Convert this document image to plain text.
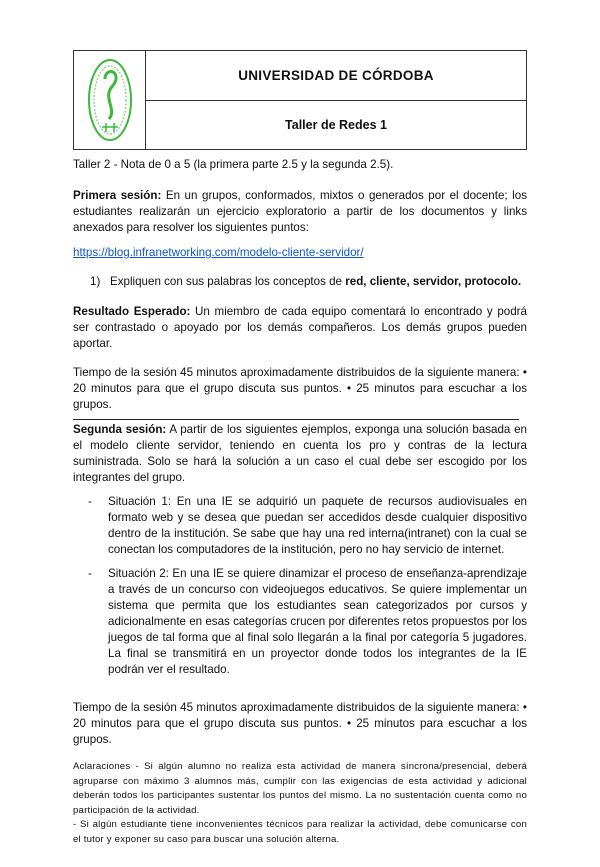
UNIVERSIDAD DE CÓRDOBA
Taller de Redes 1
Taller 2 - Nota de 0 a 5 (la primera parte 2.5 y la segunda 2.5).
Primera sesión: En un grupos, conformados, mixtos o generados por el docente; los estudiantes realizarán un ejercicio exploratorio a partir de los documentos y links anexados para resolver los siguientes puntos:
https://blog.infranetworking.com/modelo-cliente-servidor/
1) Expliquen con sus palabras los conceptos de red, cliente, servidor, protocolo.
Resultado Esperado: Un miembro de cada equipo comentará lo encontrado y podrá ser contrastado o apoyado por los demás compañeros. Los demás grupos pueden aportar.
Tiempo de la sesión 45 minutos aproximadamente distribuidos de la siguiente manera: • 20 minutos para que el grupo discuta sus puntos. • 25 minutos para escuchar a los grupos.
Segunda sesión: A partir de los siguientes ejemplos, exponga una solución basada en el modelo cliente servidor, teniendo en cuenta los pro y contras de la lectura suministrada. Solo se hará la solución a un caso el cual debe ser escogido por los integrantes del grupo.
-	Situación 1: En una IE se adquirió un paquete de recursos audiovisuales en formato web y se desea que puedan ser accedidos desde cualquier dispositivo dentro de la institución. Se sabe que hay una red interna(intranet) con la cual se conectan los computadores de la institución, pero no hay servicio de internet.
-	Situación 2: En una IE se quiere dinamizar el proceso de enseñanza-aprendizaje a través de un concurso con videojuegos educativos. Se quiere implementar un sistema que permita que los estudiantes sean categorizados por cursos y adicionalmente en esas categorías crucen por diferentes retos propuestos por los juegos de tal forma que al final solo llegarán a la final por categoría 5 jugadores. La final se transmitirá en un proyector donde todos los integrantes de la IE podrán ver el resultado.
Tiempo de la sesión 45 minutos aproximadamente distribuidos de la siguiente manera: • 20 minutos para que el grupo discuta sus puntos. • 25 minutos para escuchar a los grupos.
Aclaraciones - Si algún alumno no realiza esta actividad de manera síncrona/presencial, deberá agruparse con máximo 3 alumnos más, cumplir con las exigencias de esta actividad y adicional deberán todos los participantes sustentar los puntos del mismo. La no sustentación cuenta como no participación de la actividad.
- Si algún estudiante tiene inconvenientes técnicos para realizar la actividad, debe comunicarse con el tutor y exponer su caso para buscar una solución alterna.
